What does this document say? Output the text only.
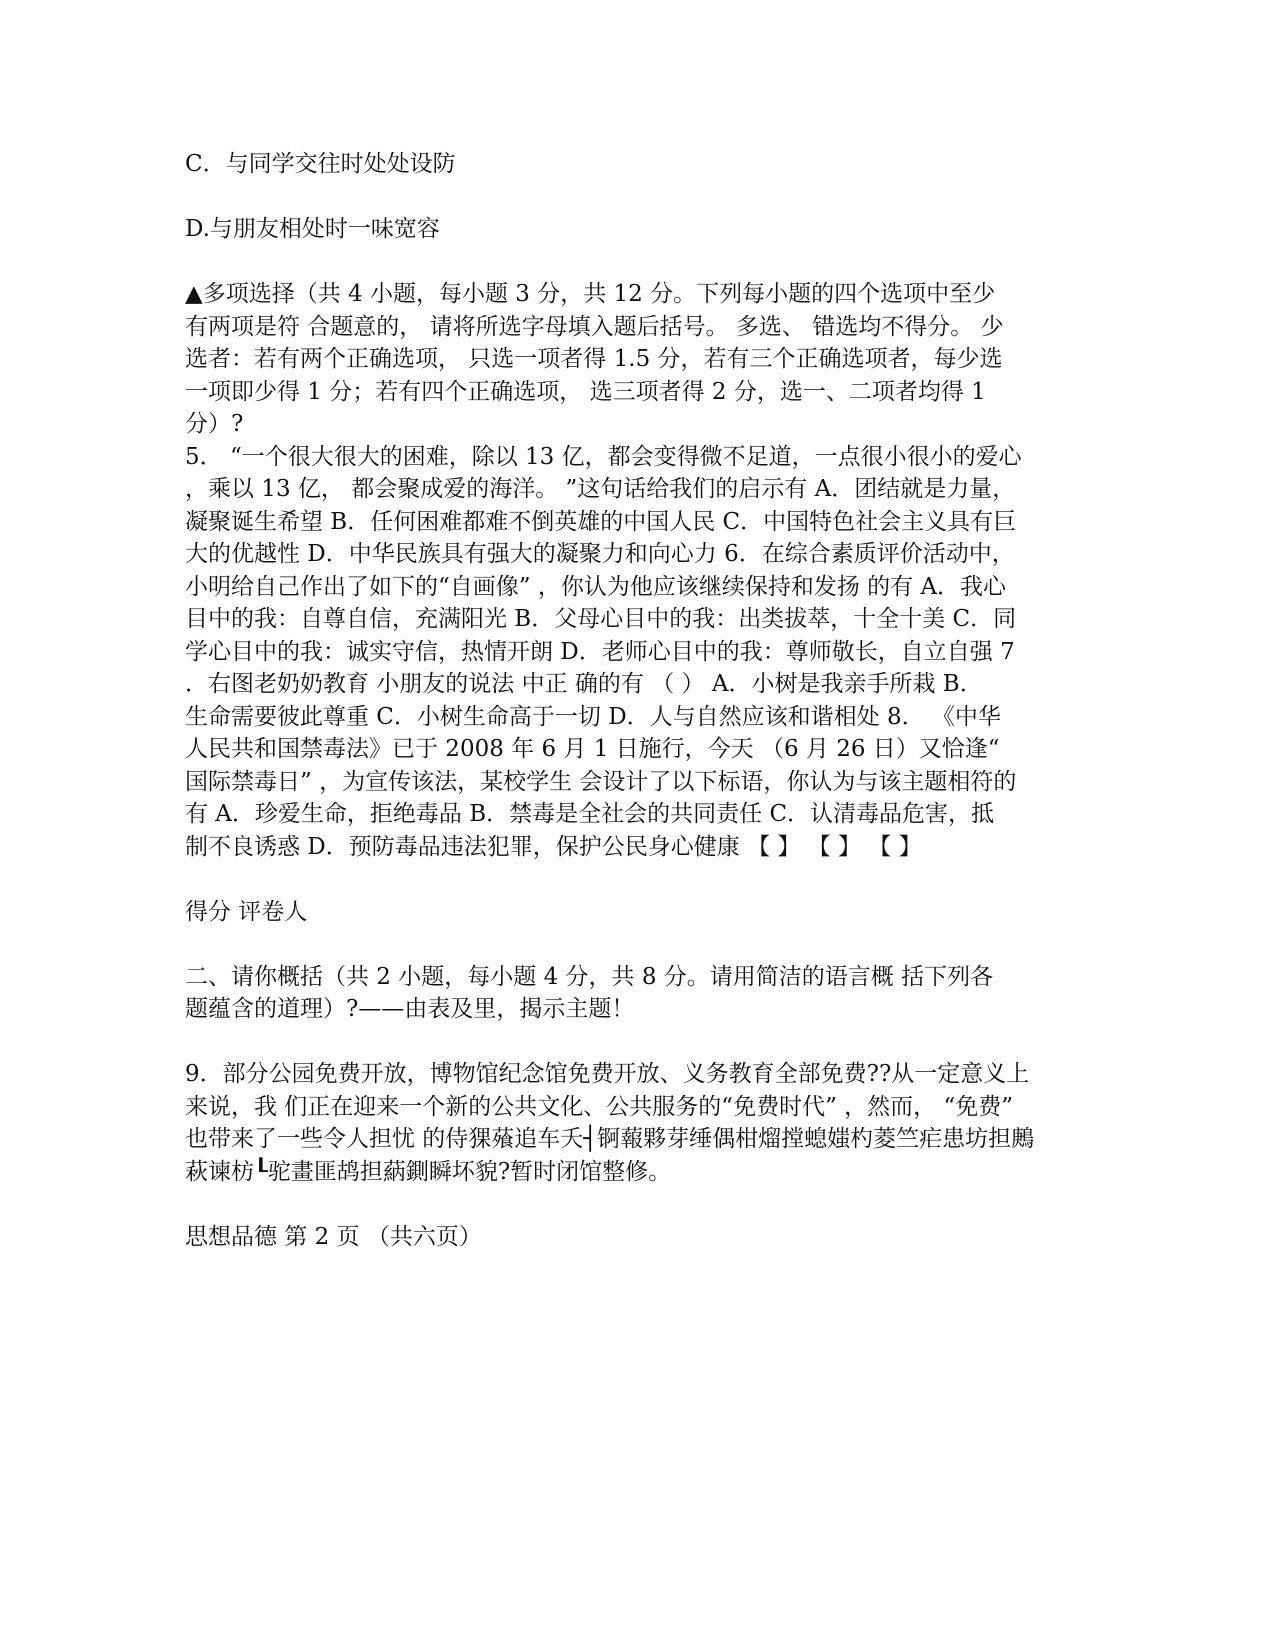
C．与同学交往时处处设防
D.与朋友相处时一味宽容
▲多项选择（共 4 小题，每小题 3 分，共 12 分。下列每小题的四个选项中至少
有两项是符 合题意的， 请将所选字母填入题后括号。 多选、 错选均不得分。 少
选者：若有两个正确选项， 只选一项者得 1.5 分，若有三个正确选项者，每少选
一项即少得 1 分；若有四个正确选项， 选三项者得 2 分，选一、二项者均得 1
分）?
5． “一个很大很大的困难，除以 13 亿，都会变得微不足道，一点很小很小的爱心
，乘以 13 亿， 都会聚成爱的海洋。 ”这句话给我们的启示有 A．团结就是力量，
凝聚诞生希望 B．任何困难都难不倒英雄的中国人民 C．中国特色社会主义具有巨
大的优越性 D．中华民族具有强大的凝聚力和向心力 6．在综合素质评价活动中，
小明给自己作出了如下的“自画像” ，你认为他应该继续保持和发扬 的有 A．我心
目中的我：自尊自信，充满阳光 B．父母心目中的我：出类拔萃，十全十美 C．同
学心目中的我：诚实守信，热情开朗 D．老师心目中的我：尊师敬长，自立自强 7
．右图老奶奶教育 小朋友的说法 中正 确的有 （ ） A．小树是我亲手所栽 B．
生命需要彼此尊重 C．小树生命高于一切 D．人与自然应该和谐相处 8． 《中华
人民共和国禁毒法》已于 2008 年 6 月 1 日施行，今天 （6 月 26 日）又恰逢“
国际禁毒日” ，为宣传该法，某校学生 会设计了以下标语，你认为与该主题相符的
有 A．珍爱生命，拒绝毒品 B．禁毒是全社会的共同责任 C．认清毒品危害，抵
制不良诱惑 D．预防毒品违法犯罪，保护公民身心健康 【 】 【 】 【 】
得分 评卷人
二、请你概括（共 2 小题，每小题 4 分，共 8 分。请用简洁的语言概 括下列各
题蕴含的道理）?——由表及里，揭示主题！
9．部分公园免费开放，博物馆纪念馆免费开放、义务教育全部免费??从一定意义上
来说，我 们正在迎来一个新的公共文化、公共服务的“免费时代” ，然而， “免费”
也带来了一些令人担忧 的侍猓蕵追车夭┤锕蕔夥芽缍偶柑熘摚螅媸杓菱竺疟患坊担鶊
萩谏枋┖驼畫匪鸪担蒳鍘瞬坏貌?暂时闭馆整修。
思想品德 第 2 页 （共六页）
